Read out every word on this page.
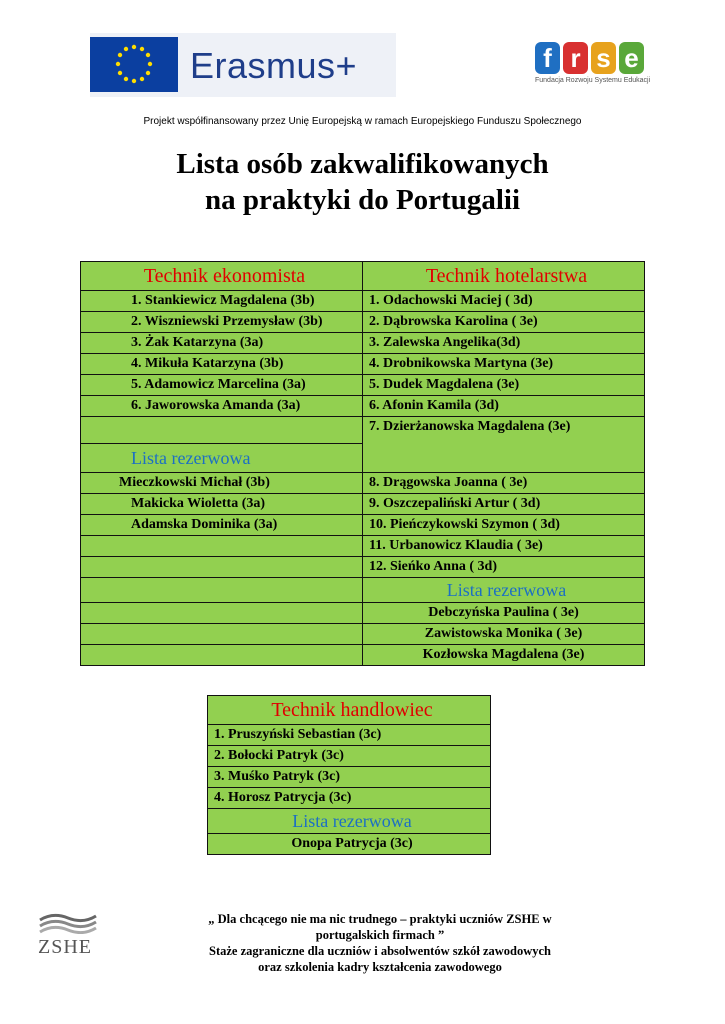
Erasmus+	f r s e
Fundacja Rozwoju Systemu Edukacji
Projekt współfinansowany przez Unię Europejską w ramach Europejskiego Funduszu Społecznego
Lista osób zakwalifikowanych
na praktyki do Portugalii
Technik ekonomista	Technik hotelarstwa
1. Stankiewicz Magdalena (3b)	1. Odachowski Maciej ( 3d)
2. Wiszniewski Przemysław (3b)	2. Dąbrowska Karolina ( 3e)
3. Żak Katarzyna (3a)	3. Zalewska Angelika(3d)
4. Mikuła Katarzyna (3b)	4. Drobnikowska Martyna (3e)
5. Adamowicz Marcelina (3a)	5. Dudek Magdalena (3e)
6. Jaworowska Amanda (3a)	6. Afonin Kamila (3d)
	7. Dzierżanowska Magdalena (3e)
Lista rezerwowa	
Mieczkowski Michał (3b)	8. Drągowska Joanna ( 3e)
Makicka Wioletta (3a)	9. Oszczepaliński Artur ( 3d)
Adamska Dominika (3a)	10. Pieńczykowski Szymon ( 3d)
	11. Urbanowicz Klaudia ( 3e)
	12. Sieńko Anna ( 3d)
	Lista rezerwowa
	Debczyńska Paulina ( 3e)
	Zawistowska Monika ( 3e)
	Kozłowska Magdalena (3e)
Technik handlowiec
1. Pruszyński Sebastian (3c)
2. Bołocki Patryk (3c)
3. Muśko Patryk (3c)
4. Horosz Patrycja (3c)
Lista rezerwowa
Onopa Patrycja (3c)
ZSHE
„ Dla chcącego nie ma nic trudnego – praktyki uczniów ZSHE w
portugalskich firmach ”
Staże zagraniczne dla uczniów i absolwentów szkół zawodowych
oraz szkolenia kadry kształcenia zawodowego
